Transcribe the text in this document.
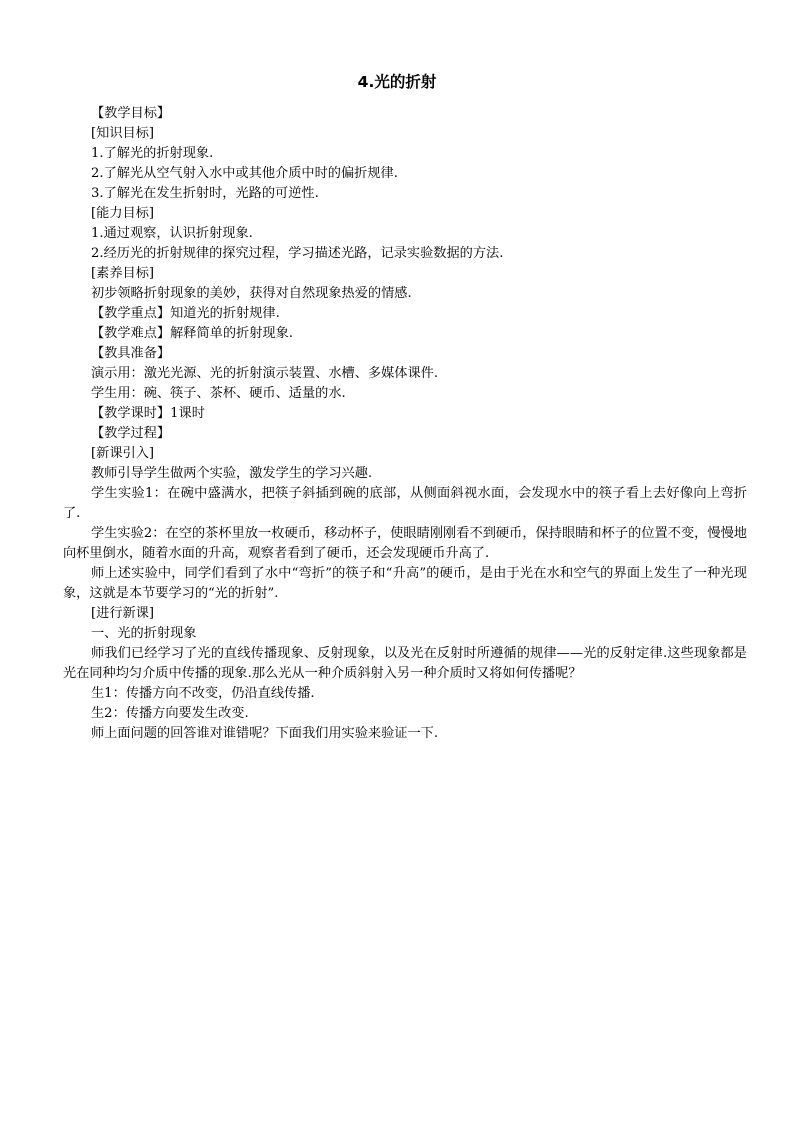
4.光的折射

【教学目标】

[知识目标]

1.了解光的折射现象.

2.了解光从空气射入水中或其他介质中时的偏折规律.

3.了解光在发生折射时，光路的可逆性.

[能力目标]

1.通过观察，认识折射现象.

2.经历光的折射规律的探究过程，学习描述光路，记录实验数据的方法.

[素养目标]

初步领略折射现象的美妙，获得对自然现象热爱的情感.

【教学重点】知道光的折射规律.

【教学难点】解释简单的折射现象.

【教具准备】

演示用：激光光源、光的折射演示装置、水槽、多媒体课件.

学生用：碗、筷子、茶杯、硬币、适量的水.

【教学课时】1课时

【教学过程】

[新课引入]

教师引导学生做两个实验，激发学生的学习兴趣.

学生实验1：在碗中盛满水，把筷子斜插到碗的底部，从侧面斜视水面，会发现水中的筷子看上去好像向上弯折了.

学生实验2：在空的茶杯里放一枚硬币，移动杯子，使眼睛刚刚看不到硬币，保持眼睛和杯子的位置不变，慢慢地向杯里倒水，随着水面的升高，观察者看到了硬币，还会发现硬币升高了.

师上述实验中，同学们看到了水中“弯折”的筷子和“升高”的硬币，是由于光在水和空气的界面上发生了一种光现象，这就是本节要学习的“光的折射”.

[进行新课]

一、光的折射现象

师我们已经学习了光的直线传播现象、反射现象，以及光在反射时所遵循的规律——光的反射定律.这些现象都是光在同种均匀介质中传播的现象.那么光从一种介质斜射入另一种介质时又将如何传播呢？

生1：传播方向不改变，仍沿直线传播.

生2：传播方向要发生改变.

师上面问题的回答谁对谁错呢？下面我们用实验来验证一下.
